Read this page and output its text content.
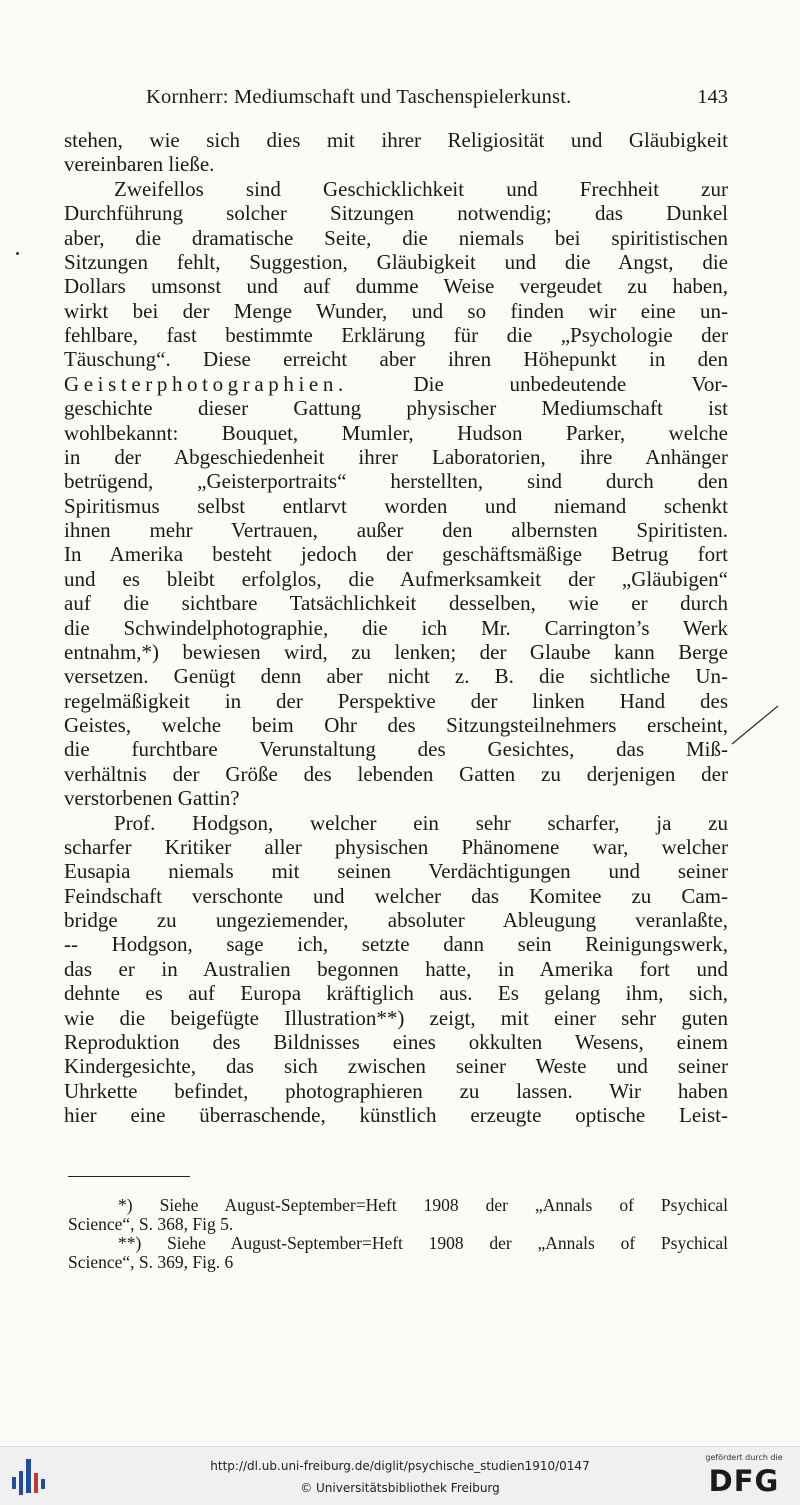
Kornherr: Mediumschaft und Taschenspielerkunst.	143
stehen, wie sich dies mit ihrer Religiosität und Gläubigkeit
vereinbaren ließe.
Zweifellos sind Geschicklichkeit und Frechheit zur
Durchführung solcher Sitzungen notwendig; das Dunkel
aber, die dramatische Seite, die niemals bei spiritistischen
Sitzungen fehlt, Suggestion, Gläubigkeit und die Angst, die
Dollars umsonst und auf dumme Weise vergeudet zu haben,
wirkt bei der Menge Wunder, und so finden wir eine un-
fehlbare, fast bestimmte Erklärung für die „Psychologie der
Täuschung“. Diese erreicht aber ihren Höhepunkt in den
Geisterphotographien. Die unbedeutende Vor-
geschichte dieser Gattung physischer Mediumschaft ist
wohlbekannt: Bouquet, Mumler, Hudson Parker, welche
in der Abgeschiedenheit ihrer Laboratorien, ihre Anhänger
betrügend, „Geisterportraits“ herstellten, sind durch den
Spiritismus selbst entlarvt worden und niemand schenkt
ihnen mehr Vertrauen, außer den albernsten Spiritisten.
In Amerika besteht jedoch der geschäftsmäßige Betrug fort
und es bleibt erfolglos, die Aufmerksamkeit der „Gläubigen“
auf die sichtbare Tatsächlichkeit desselben, wie er durch
die Schwindelphotographie, die ich Mr. Carrington’s Werk
entnahm,*) bewiesen wird, zu lenken; der Glaube kann Berge
versetzen. Genügt denn aber nicht z. B. die sichtliche Un-
regelmäßigkeit in der Perspektive der linken Hand des
Geistes, welche beim Ohr des Sitzungsteilnehmers erscheint,
die furchtbare Verunstaltung des Gesichtes, das Miß-
verhältnis der Größe des lebenden Gatten zu derjenigen der
verstorbenen Gattin?
Prof. Hodgson, welcher ein sehr scharfer, ja zu
scharfer Kritiker aller physischen Phänomene war, welcher
Eusapia niemals mit seinen Verdächtigungen und seiner
Feindschaft verschonte und welcher das Komitee zu Cam-
bridge zu ungeziemender, absoluter Ableugung veranlaßte,
-- Hodgson, sage ich, setzte dann sein Reinigungswerk,
das er in Australien begonnen hatte, in Amerika fort und
dehnte es auf Europa kräftiglich aus. Es gelang ihm, sich,
wie die beigefügte Illustration**) zeigt, mit einer sehr guten
Reproduktion des Bildnisses eines okkulten Wesens, einem
Kindergesichte, das sich zwischen seiner Weste und seiner
Uhrkette befindet, photographieren zu lassen. Wir haben
hier eine überraschende, künstlich erzeugte optische Leist-
*) Siehe August-September=Heft 1908 der „Annals of Psychical
Science“, S. 368, Fig 5.
**) Siehe August-September=Heft 1908 der „Annals of Psychical
Science“, S. 369, Fig. 6
http://dl.ub.uni-freiburg.de/diglit/psychische_studien1910/0147
© Universitätsbibliothek Freiburg
gefördert durch die
DFG
